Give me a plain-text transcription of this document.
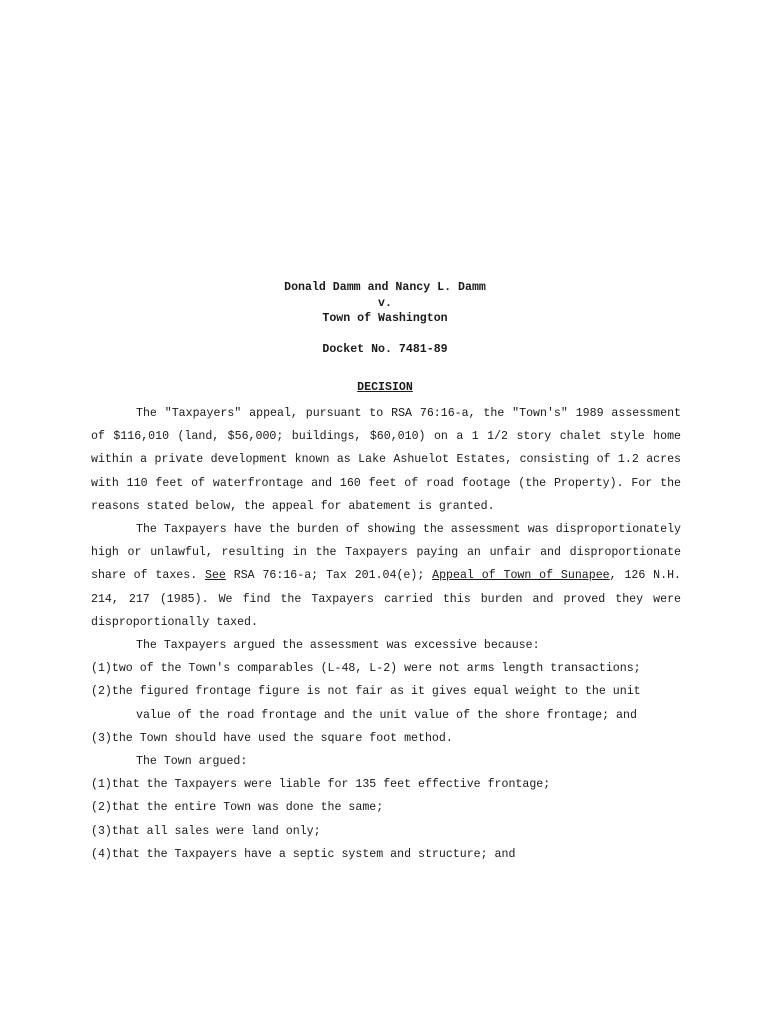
Donald Damm and Nancy L. Damm
v.
Town of Washington
Docket No. 7481-89
DECISION

The "Taxpayers" appeal, pursuant to RSA 76:16-a, the "Town's" 1989 assessment of $116,010 (land, $56,000; buildings, $60,010) on a 1 1/2 story chalet style home within a private development known as Lake Ashuelot Estates, consisting of 1.2 acres with 110 feet of waterfrontage and 160 feet of road footage (the Property). For the reasons stated below, the appeal for abatement is granted.

The Taxpayers have the burden of showing the assessment was disproportionately high or unlawful, resulting in the Taxpayers paying an unfair and disproportionate share of taxes. See RSA 76:16-a; Tax 201.04(e); Appeal of Town of Sunapee, 126 N.H. 214, 217 (1985). We find the Taxpayers carried this burden and proved they were disproportionally taxed.

The Taxpayers argued the assessment was excessive because:

(1)two of the Town's comparables (L-48, L-2) were not arms length transactions;

(2)the figured frontage figure is not fair as it gives equal weight to the unit value of the road frontage and the unit value of the shore frontage; and

(3)the Town should have used the square foot method.

The Town argued:

(1)that the Taxpayers were liable for 135 feet effective frontage;

(2)that the entire Town was done the same;

(3)that all sales were land only;

(4)that the Taxpayers have a septic system and structure; and
